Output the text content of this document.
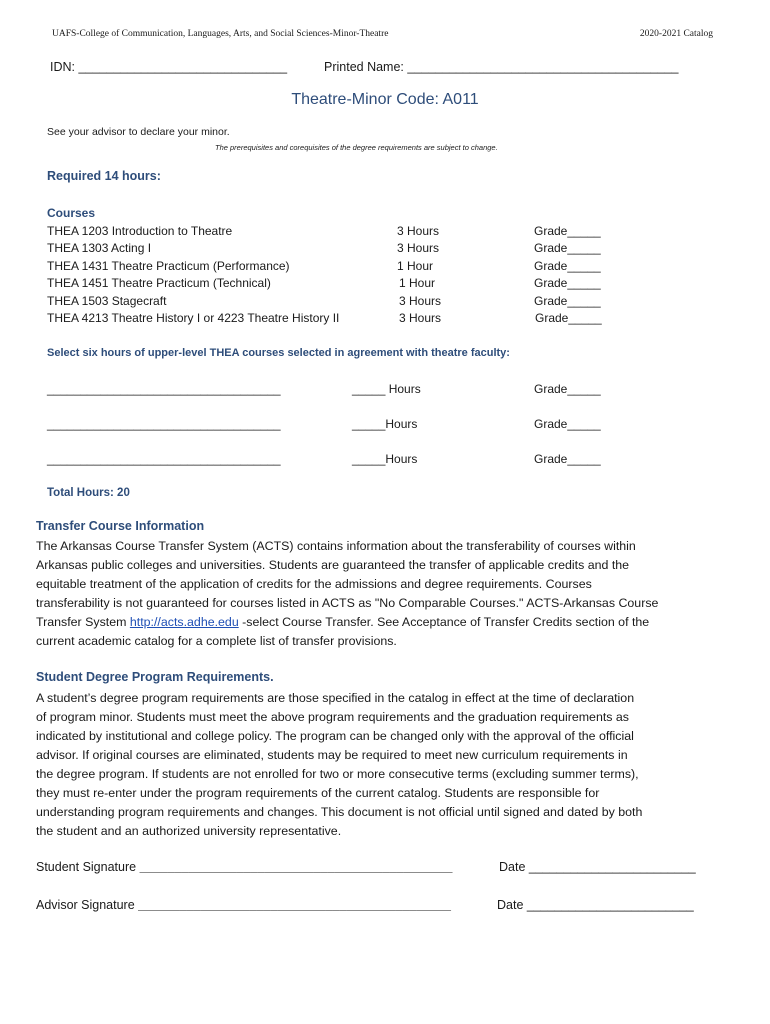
UAFS-College of Communication, Languages, Arts, and Social Sciences-Minor-Theatre	2020-2021 Catalog
IDN: ______________________________	Printed Name: _______________________________________
Theatre-Minor Code: A011
See your advisor to declare your minor.
The prerequisites and corequisites of the degree requirements are subject to change.
Required 14 hours:
Courses
THEA 1203 Introduction to Theatre	3 Hours	Grade_____
THEA 1303 Acting I	3 Hours	Grade_____
THEA 1431 Theatre Practicum (Performance)	1 Hour	Grade_____
THEA 1451 Theatre Practicum (Technical)	1 Hour	Grade_____
THEA 1503 Stagecraft	3 Hours	Grade_____
THEA 4213 Theatre History I or 4223 Theatre History II	3 Hours	Grade_____
Select six hours of upper-level THEA courses selected in agreement with theatre faculty:
___________________________________	_____ Hours	Grade_____
___________________________________	_____Hours	Grade_____
___________________________________	_____Hours	Grade_____
Total Hours: 20
Transfer Course Information
The Arkansas Course Transfer System (ACTS) contains information about the transferability of courses within
Arkansas public colleges and universities. Students are guaranteed the transfer of applicable credits and the
equitable treatment of the application of credits for the admissions and degree requirements. Courses
transferability is not guaranteed for courses listed in ACTS as "No Comparable Courses." ACTS-Arkansas Course
Transfer System http://acts.adhe.edu -select Course Transfer. See Acceptance of Transfer Credits section of the
current academic catalog for a complete list of transfer provisions.
Student Degree Program Requirements.
A student’s degree program requirements are those specified in the catalog in effect at the time of declaration
of program minor. Students must meet the above program requirements and the graduation requirements as
indicated by institutional and college policy. The program can be changed only with the approval of the official
advisor. If original courses are eliminated, students may be required to meet new curriculum requirements in
the degree program. If students are not enrolled for two or more consecutive terms (excluding summer terms),
they must re-enter under the program requirements of the current catalog. Students are responsible for
understanding program requirements and changes. This document is not official until signed and dated by both
the student and an authorized university representative.
Student Signature _____________________________________________	Date ________________________
Advisor Signature _____________________________________________	Date ________________________
